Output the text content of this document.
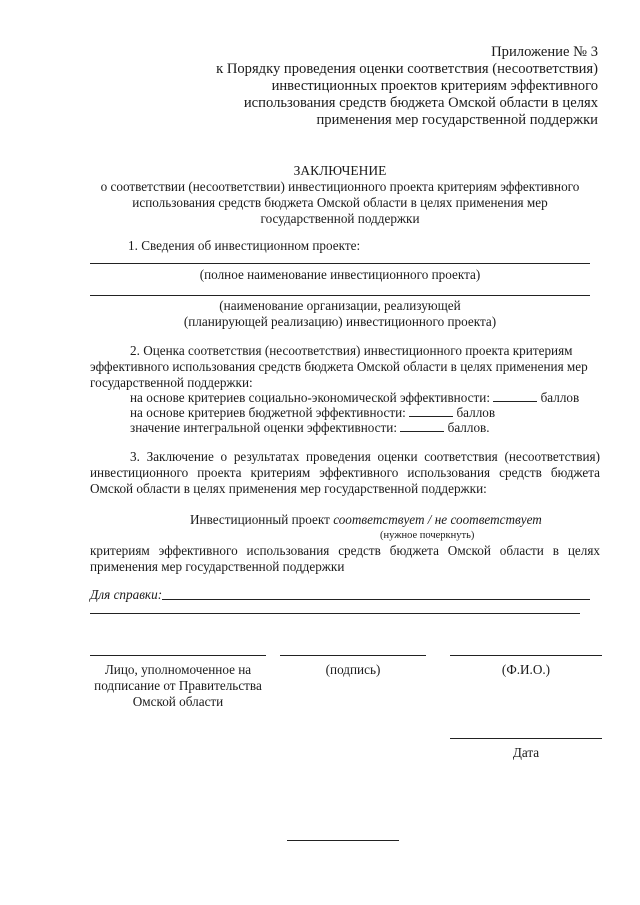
Приложение № 3
к Порядку проведения оценки соответствия (несоответствия)
инвестиционных проектов критериям эффективного
использования средств бюджета Омской области в целях
применения мер государственной поддержки
ЗАКЛЮЧЕНИЕ
о соответствии (несоответствии) инвестиционного проекта критериям эффективного
использования средств бюджета Омской области в целях применения мер
государственной поддержки
1. Сведения об инвестиционном проекте:
(полное наименование инвестиционного проекта)
(наименование организации, реализующей
(планирующей реализацию) инвестиционного проекта)
2. Оценка соответствия (несоответствия) инвестиционного проекта критериям
эффективного использования средств бюджета Омской области в целях применения мер
государственной поддержки:
на основе критериев социально-экономической эффективности:	баллов
на основе критериев бюджетной эффективности:	баллов
значение интегральной оценки эффективности:	баллов.
3. Заключение о результатах проведения оценки соответствия (несоответствия)
инвестиционного проекта критериям эффективного использования средств бюджета
Омской области в целях применения мер государственной поддержки:
Инвестиционный проект соответствует / не соответствует
(нужное почеркнуть)
критериям эффективного использования средств бюджета Омской области в целях
применения мер государственной поддержки
Для справки:
Лицо, уполномоченное на
подписание от Правительства
Омской области
(подпись)	(Ф.И.О.)
Дата
